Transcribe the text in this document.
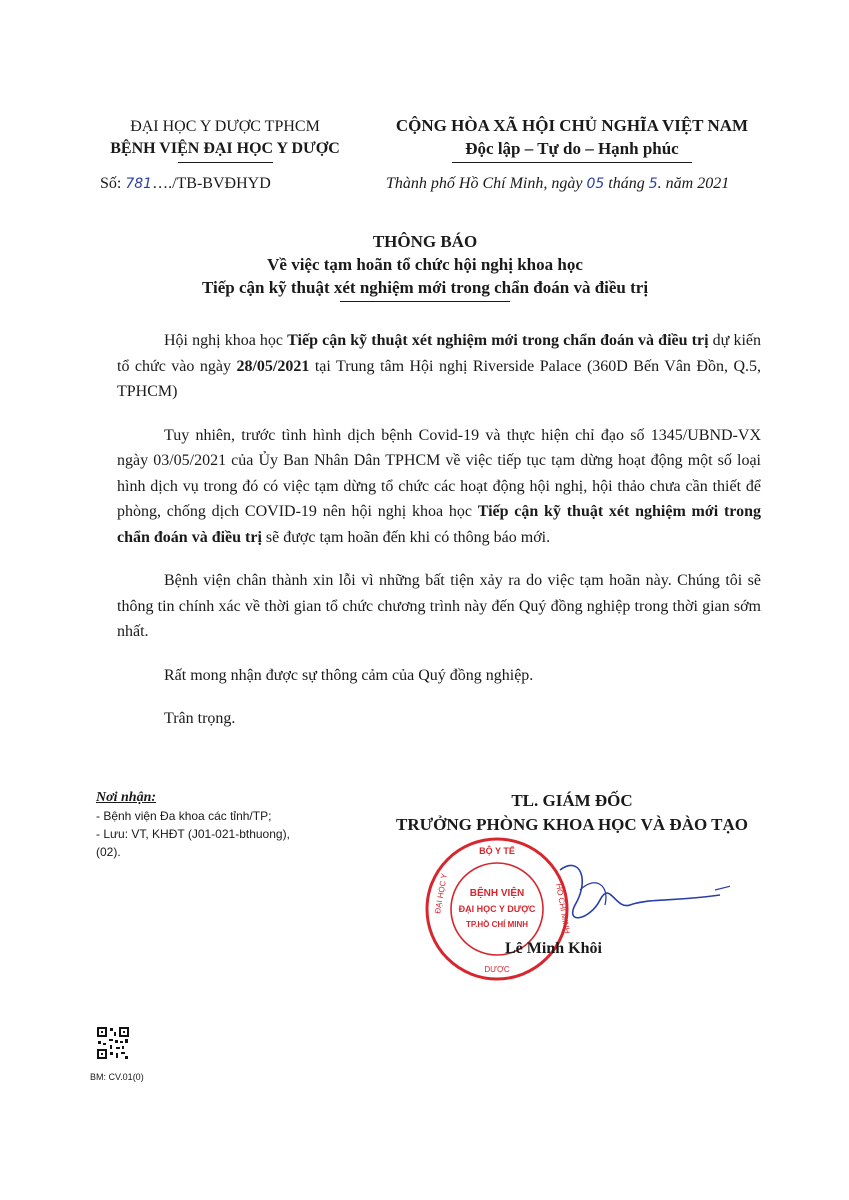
ĐẠI HỌC Y DƯỢC TPHCM
BỆNH VIỆN ĐẠI HỌC Y DƯỢC
CỘNG HÒA XÃ HỘI CHỦ NGHĨA VIỆT NAM
Độc lập – Tự do – Hạnh phúc
Số: 781…./TB-BVĐHYD	Thành phố Hồ Chí Minh, ngày 05 tháng 5. năm 2021
THÔNG BÁO
Về việc tạm hoãn tổ chức hội nghị khoa học
Tiếp cận kỹ thuật xét nghiệm mới trong chẩn đoán và điều trị

Hội nghị khoa học Tiếp cận kỹ thuật xét nghiệm mới trong chẩn đoán và điều trị dự kiến tổ chức vào ngày 28/05/2021 tại Trung tâm Hội nghị Riverside Palace (360D Bến Vân Đồn, Q.5, TPHCM)

Tuy nhiên, trước tình hình dịch bệnh Covid-19 và thực hiện chỉ đạo số 1345/UBND-VX ngày 03/05/2021 của Ủy Ban Nhân Dân TPHCM về việc tiếp tục tạm dừng hoạt động một số loại hình dịch vụ trong đó có việc tạm dừng tổ chức các hoạt động hội nghị, hội thảo chưa cần thiết để phòng, chống dịch COVID-19 nên hội nghị khoa học Tiếp cận kỹ thuật xét nghiệm mới trong chẩn đoán và điều trị sẽ được tạm hoãn đến khi có thông báo mới.

Bệnh viện chân thành xin lỗi vì những bất tiện xảy ra do việc tạm hoãn này. Chúng tôi sẽ thông tin chính xác về thời gian tổ chức chương trình này đến Quý đồng nghiệp trong thời gian sớm nhất.

Rất mong nhận được sự thông cảm của Quý đồng nghiệp.

Trân trọng.

Nơi nhận:
- Bệnh viện Đa khoa các tỉnh/TP;
- Lưu: VT, KHĐT (J01-021-bthuong),
(02).
TL. GIÁM ĐỐC
TRƯỞNG PHÒNG KHOA HỌC VÀ ĐÀO TẠO
BỘ Y TẾ
BỆNH VIỆN
ĐẠI HỌC Y DƯỢC
TP.HỒ CHÍ MINH
ĐẠI HỌC Y
DƯỢC
HỒ CHÍ MINH
Lê Minh Khôi
BM: CV.01(0)
